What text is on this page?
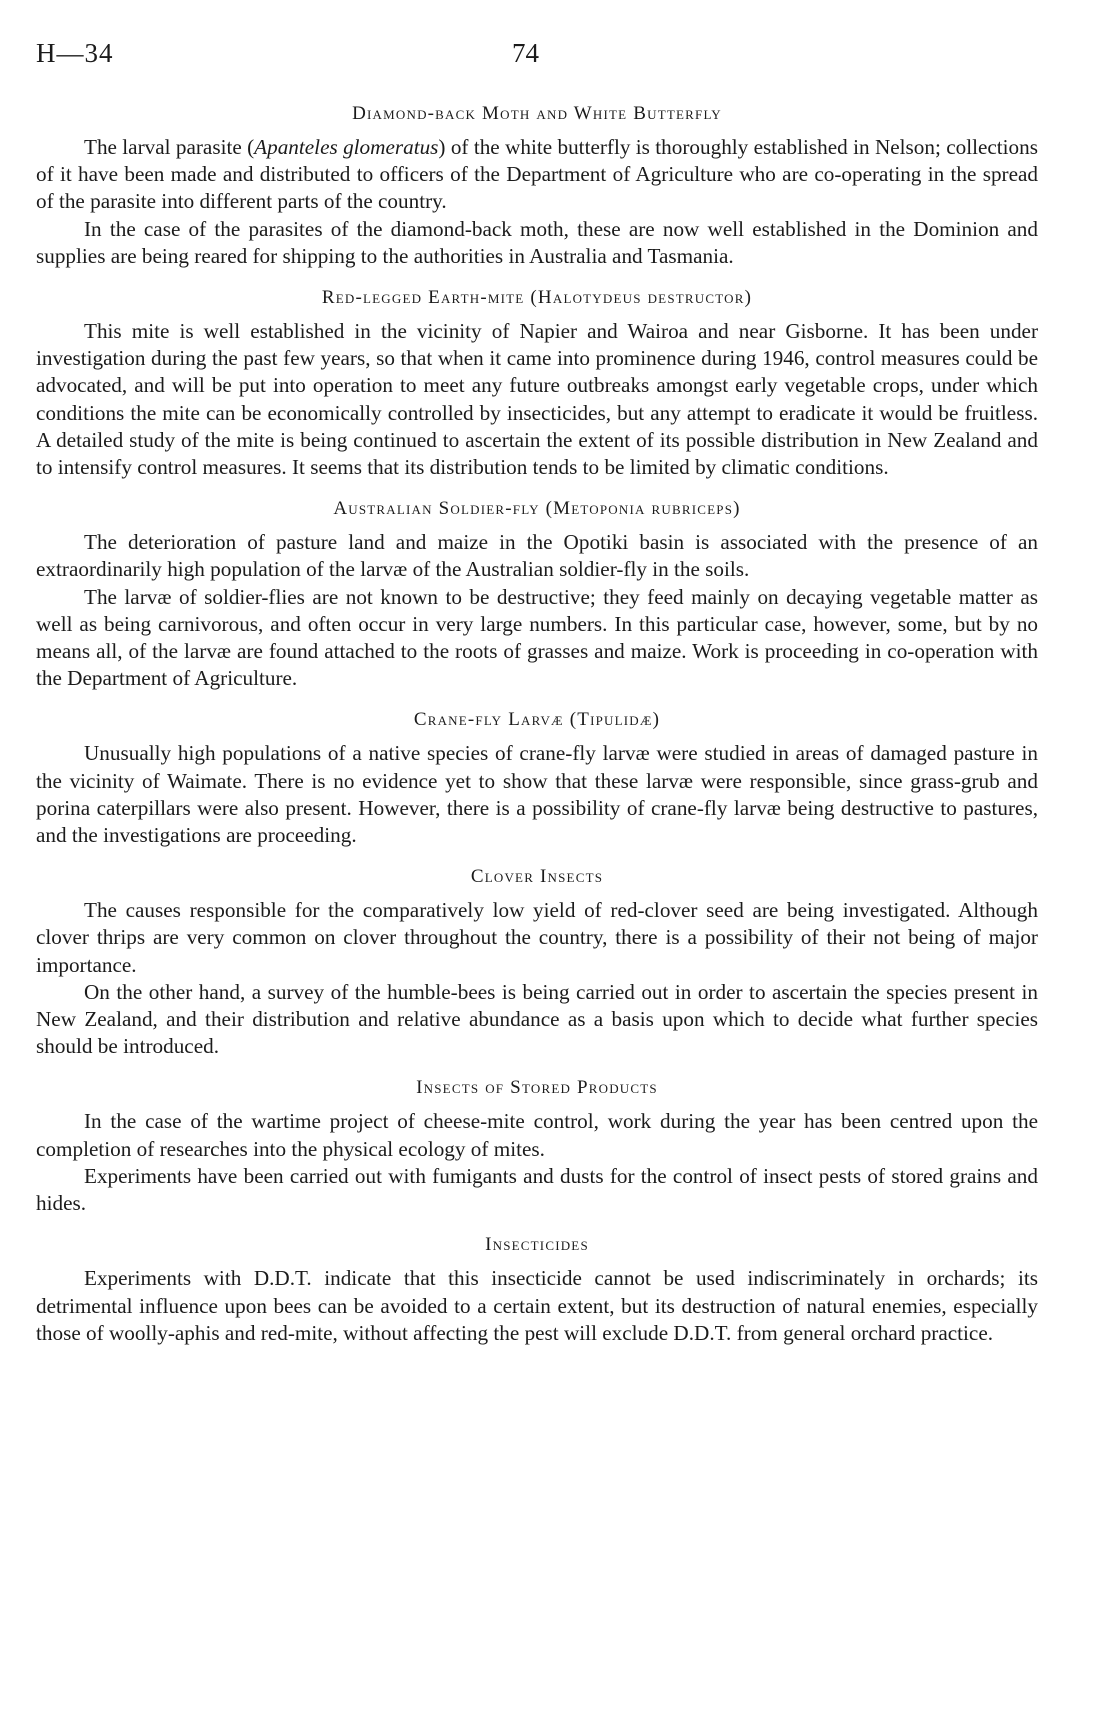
H—34	74
Diamond-back Moth and White Butterfly

The larval parasite (Apanteles glomeratus) of the white butterfly is thoroughly established in Nelson; collections of it have been made and distributed to officers of the Department of Agriculture who are co-operating in the spread of the parasite into different parts of the country.

In the case of the parasites of the diamond-back moth, these are now well established in the Dominion and supplies are being reared for shipping to the authorities in Australia and Tasmania.

Red-legged Earth-mite (Halotydeus destructor)

This mite is well established in the vicinity of Napier and Wairoa and near Gisborne. It has been under investigation during the past few years, so that when it came into prominence during 1946, control measures could be advocated, and will be put into operation to meet any future outbreaks amongst early vegetable crops, under which conditions the mite can be economically controlled by insecticides, but any attempt to eradicate it would be fruitless. A detailed study of the mite is being continued to ascertain the extent of its possible distribution in New Zealand and to intensify control measures. It seems that its distribution tends to be limited by climatic conditions.

Australian Soldier-fly (Metoponia rubriceps)

The deterioration of pasture land and maize in the Opotiki basin is associated with the presence of an extraordinarily high population of the larvæ of the Australian soldier-fly in the soils.

The larvæ of soldier-flies are not known to be destructive; they feed mainly on decaying vegetable matter as well as being carnivorous, and often occur in very large numbers. In this particular case, however, some, but by no means all, of the larvæ are found attached to the roots of grasses and maize. Work is proceeding in co-operation with the Department of Agriculture.

Crane-fly Larvæ (Tipulidæ)

Unusually high populations of a native species of crane-fly larvæ were studied in areas of damaged pasture in the vicinity of Waimate. There is no evidence yet to show that these larvæ were responsible, since grass-grub and porina caterpillars were also present. However, there is a possibility of crane-fly larvæ being destructive to pastures, and the investigations are proceeding.

Clover Insects

The causes responsible for the comparatively low yield of red-clover seed are being investigated. Although clover thrips are very common on clover throughout the country, there is a possibility of their not being of major importance.

On the other hand, a survey of the humble-bees is being carried out in order to ascertain the species present in New Zealand, and their distribution and relative abundance as a basis upon which to decide what further species should be introduced.

Insects of Stored Products

In the case of the wartime project of cheese-mite control, work during the year has been centred upon the completion of researches into the physical ecology of mites.

Experiments have been carried out with fumigants and dusts for the control of insect pests of stored grains and hides.

Insecticides

Experiments with D.D.T. indicate that this insecticide cannot be used indiscriminately in orchards; its detrimental influence upon bees can be avoided to a certain extent, but its destruction of natural enemies, especially those of woolly-aphis and red-mite, without affecting the pest will exclude D.D.T. from general orchard practice.
